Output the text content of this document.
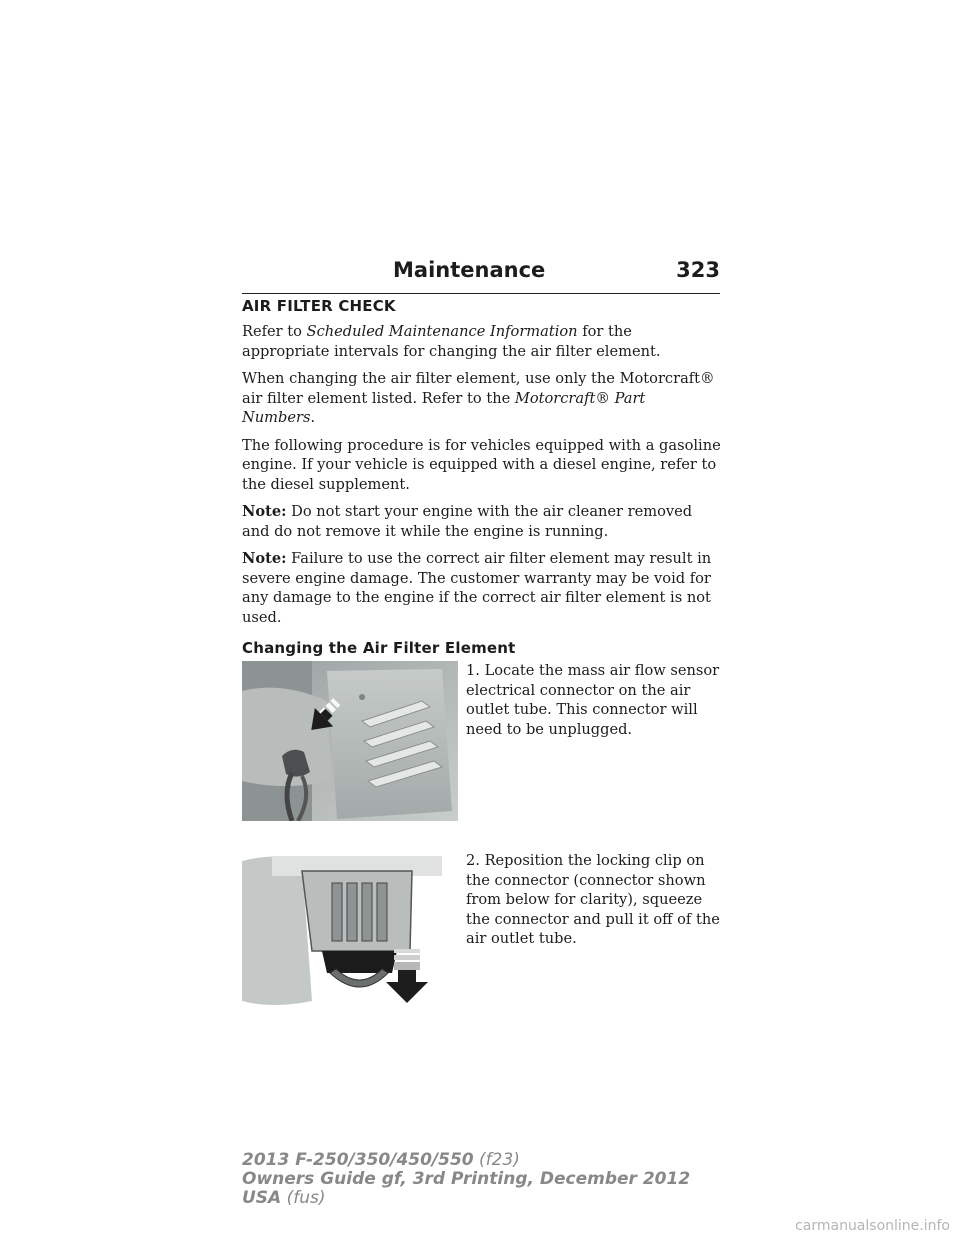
Maintenance	323
AIR FILTER CHECK

Refer to Scheduled Maintenance Information for the appropriate intervals for changing the air filter element.

When changing the air filter element, use only the Motorcraft® air filter element listed. Refer to the Motorcraft® Part Numbers.

The following procedure is for vehicles equipped with a gasoline engine. If your vehicle is equipped with a diesel engine, refer to the diesel supplement.

Note: Do not start your engine with the air cleaner removed and do not remove it while the engine is running.

Note: Failure to use the correct air filter element may result in severe engine damage. The customer warranty may be void for any damage to the engine if the correct air filter element is not used.

Changing the Air Filter Element

1. Locate the mass air flow sensor electrical connector on the air outlet tube. This connector will need to be unplugged.

2. Reposition the locking clip on the connector (connector shown from below for clarity), squeeze the connector and pull it off of the air outlet tube.

2013 F-250/350/450/550 (f23)
Owners Guide gf, 3rd Printing, December 2012
USA (fus)
carmanualsonline.info
